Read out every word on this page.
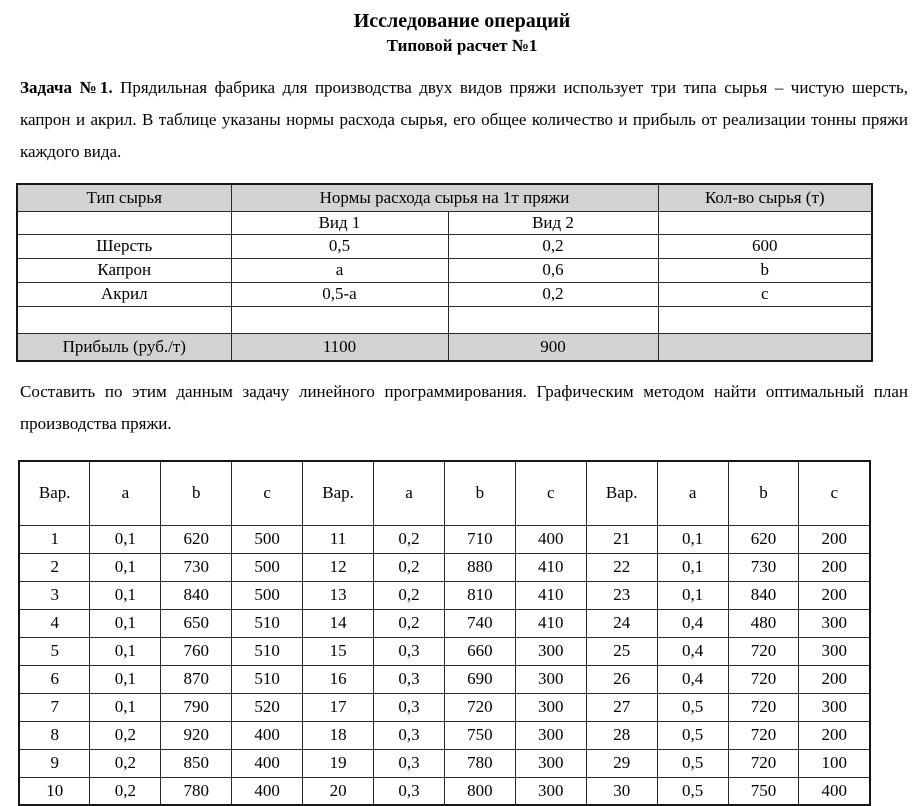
Исследование операций
Типовой расчет №1

Задача №1. Прядильная фабрика для производства двух видов пряжи использует три типа сырья – чистую шерсть, капрон и акрил. В таблице указаны нормы расхода сырья, его общее количество и прибыль от реализации тонны пряжи каждого вида.

Тип сырья	Нормы расхода сырья на 1т пряжи		Кол-во сырья (т)
	Вид 1	Вид 2	
Шерсть	0,5	0,2	600
Капрон	a	0,6	b
Акрил	0,5-a	0,2	c

Прибыль (руб./т)	1100	900	

Составить по этим данным задачу линейного программирования. Графическим методом найти оптимальный план производства пряжи.

Вар.	a	b	c	Вар.	a	b	c	Вар.	a	b	c
1	0,1	620	500	11	0,2	710	400	21	0,1	620	200
2	0,1	730	500	12	0,2	880	410	22	0,1	730	200
3	0,1	840	500	13	0,2	810	410	23	0,1	840	200
4	0,1	650	510	14	0,2	740	410	24	0,4	480	300
5	0,1	760	510	15	0,3	660	300	25	0,4	720	300
6	0,1	870	510	16	0,3	690	300	26	0,4	720	200
7	0,1	790	520	17	0,3	720	300	27	0,5	720	300
8	0,2	920	400	18	0,3	750	300	28	0,5	720	200
9	0,2	850	400	19	0,3	780	300	29	0,5	720	100
10	0,2	780	400	20	0,3	800	300	30	0,5	750	400
